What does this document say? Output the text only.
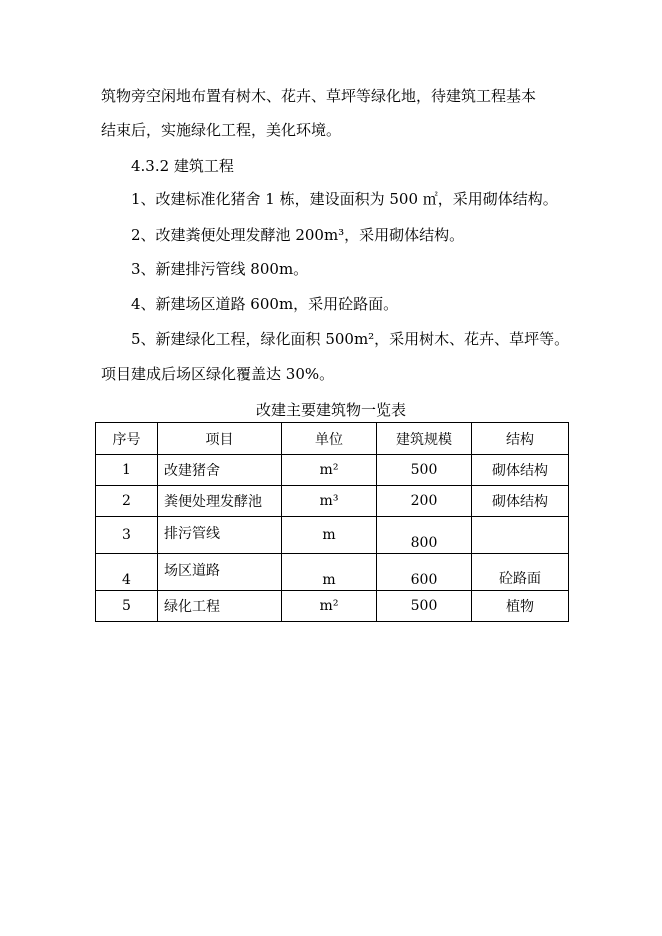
筑物旁空闲地布置有树木、花卉、草坪等绿化地，待建筑工程基本
结束后，实施绿化工程，美化环境。
4.3.2 建筑工程
1、改建标准化猪舍 1 栋，建设面积为 500 ㎡，采用砌体结构。
2、改建粪便处理发酵池 200m³，采用砌体结构。
3、新建排污管线 800m。
4、新建场区道路 600m，采用砼路面。
5、新建绿化工程，绿化面积 500m²，采用树木、花卉、草坪等。
项目建成后场区绿化覆盖达 30%。
改建主要建筑物一览表
序号	项目	单位	建筑规模	结构
1	改建猪舍	m²	500	砌体结构
2	粪便处理发酵池	m³	200	砌体结构
3	排污管线	m	800	
4	场区道路	m	600	砼路面
5	绿化工程	m²	500	植物
